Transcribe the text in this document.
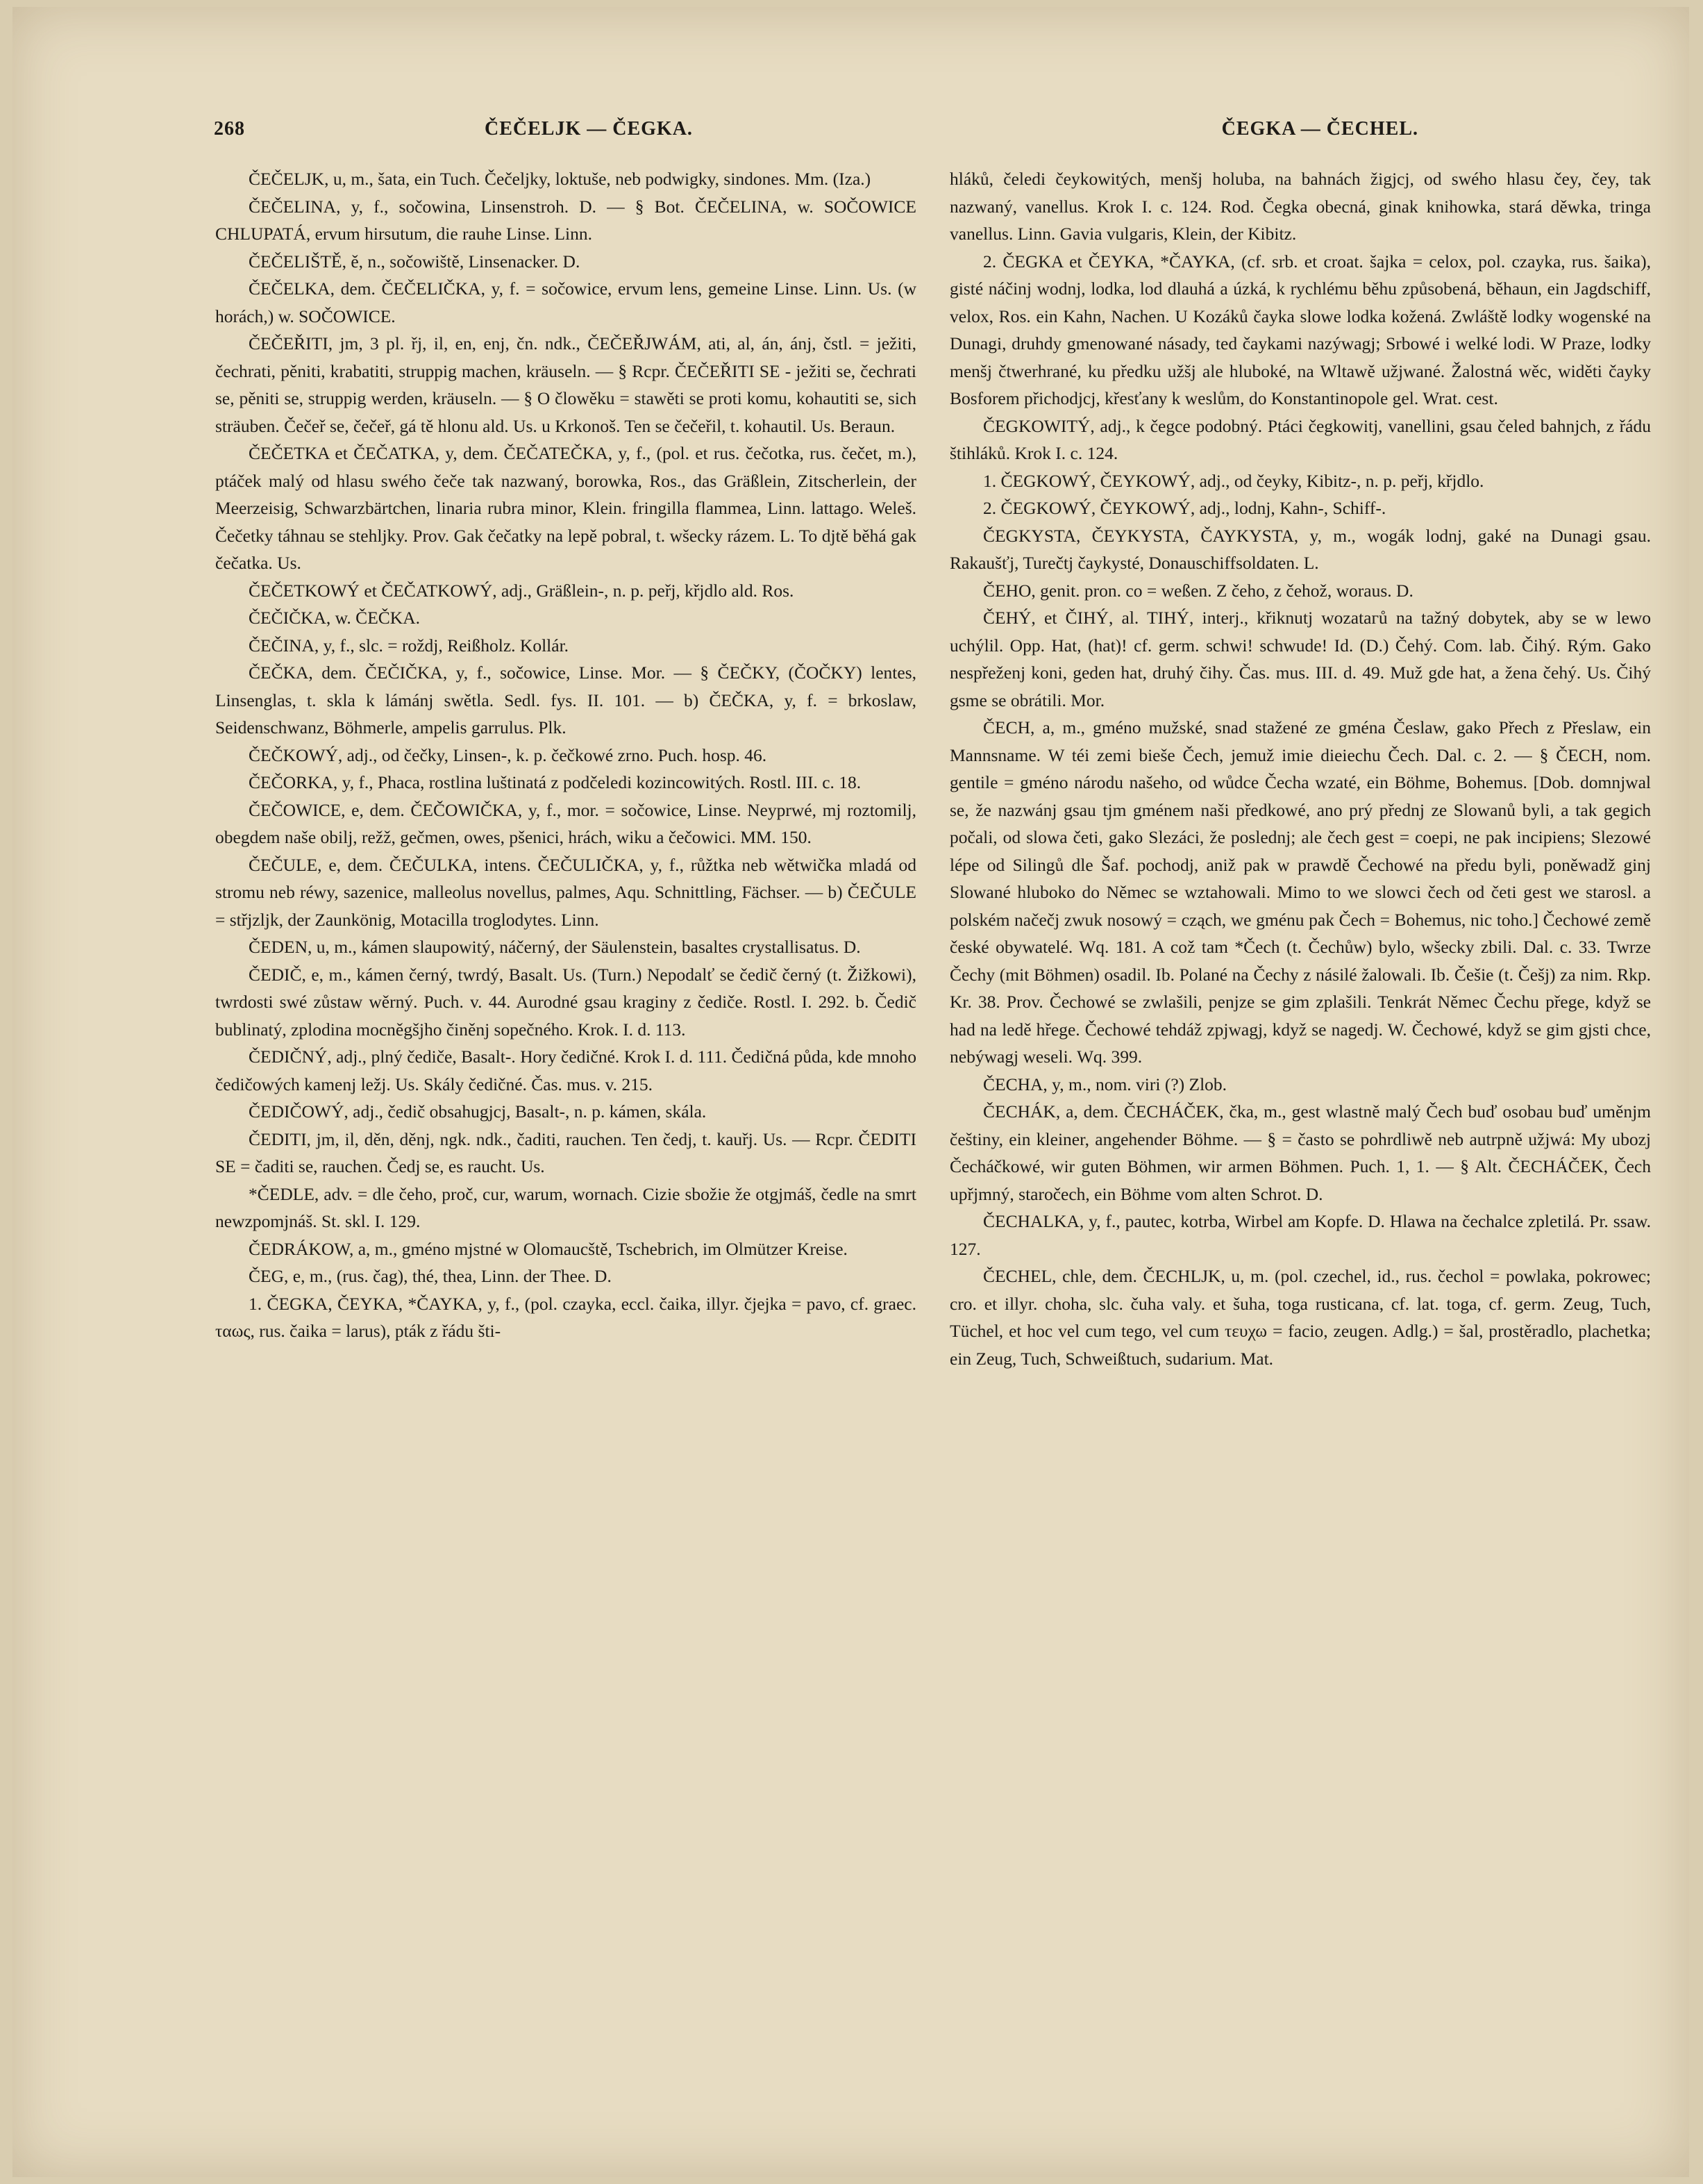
268	ČEČELJK — ČEGKA.	ČEGKA — ČECHEL.

ČEČELJK, u, m., šata, ein Tuch. Čečeljky, loktuše, neb podwigky, sindones. Mm. (Iza.)

ČEČELINA, y, f., sočowina, Linsenstroh. D. — § Bot. ČEČELINA, w. SOČOWICE CHLUPATÁ, ervum hirsutum, die rauhe Linse. Linn.

ČEČELIŠTĚ, ě, n., sočowiště, Linsenacker. D.

ČEČELKA, dem. ČEČELIČKA, y, f. = sočowice, ervum lens, gemeine Linse. Linn. Us. (w horách,) w. SOČOWICE.

ČEČEŘITI, jm, 3 pl. řj, il, en, enj, čn. ndk., ČEČEŘJWÁM, ati, al, án, ánj, čstl. = ježiti, čechrati, pěniti, krabatiti, struppig machen, kräuseln. — § Rcpr. ČEČEŘITI SE - ježiti se, čechrati se, pěniti se, struppig werden, kräuseln. — § O člowěku = stawěti se proti komu, kohautiti se, sich sträuben. Čečeř se, čečeř, gá tě hlonu ald. Us. u Krkonoš. Ten se čečeřil, t. kohautil. Us. Beraun.

ČEČETKA et ČEČATKA, y, dem. ČEČATEČKA, y, f., (pol. et rus. čečotka, rus. čečet, m.), ptáček malý od hlasu swého čeče tak nazwaný, borowka, Ros., das Gräßlein, Zitscherlein, der Meerzeisig, Schwarzbärtchen, linaria rubra minor, Klein. fringilla flammea, Linn. lattago. Weleš. Čečetky táhnau se stehljky. Prov. Gak čečatky na lepě pobral, t. wšecky rázem. L. To djtě běhá gak čečatka. Us.

ČEČETKOWÝ et ČEČATKOWÝ, adj., Gräßlein-, n. p. peřj, křjdlo ald. Ros.

ČEČIČKA, w. ČEČKA.

ČEČINA, y, f., slc. = roždj, Reißholz. Kollár.

ČEČKA, dem. ČEČIČKA, y, f., sočowice, Linse. Mor. — § ČEČKY, (ČOČKY) lentes, Linsenglas, t. skla k lámánj swětla. Sedl. fys. II. 101. — b) ČEČKA, y, f. = brkoslaw, Seidenschwanz, Böhmerle, ampelis garrulus. Plk.

ČEČKOWÝ, adj., od čečky, Linsen-, k. p. čečkowé zrno. Puch. hosp. 46.

ČEČORKA, y, f., Phaca, rostlina luštinatá z podčeledi kozincowitých. Rostl. III. c. 18.

ČEČOWICE, e, dem. ČEČOWIČKA, y, f., mor. = sočowice, Linse. Neyprwé, mj roztomilj, obegdem naše obilj, režž, gečmen, owes, pšenici, hrách, wiku a čečowici. MM. 150.

ČEČULE, e, dem. ČEČULKA, intens. ČEČULIČKA, y, f., růžtka neb wětwička mladá od stromu neb réwy, sazenice, malleolus novellus, palmes, Aqu. Schnittling, Fächser. — b) ČEČULE = střjzljk, der Zaunkönig, Motacilla troglodytes. Linn.

ČEDEN, u, m., kámen slaupowitý, náčerný, der Säulenstein, basaltes crystallisatus. D.

ČEDIČ, e, m., kámen černý, twrdý, Basalt. Us. (Turn.) Nepodalť se čedič černý (t. Žižkowi), twrdosti swé zůstaw wěrný. Puch. v. 44. Aurodné gsau kraginy z čediče. Rostl. I. 292. b. Čedič bublinatý, zplodina mocněgšjho činěnj sopečného. Krok. I. d. 113.

ČEDIČNÝ, adj., plný čediče, Basalt-. Hory čedičné. Krok I. d. 111. Čedičná půda, kde mnoho čedičowých kamenj ležj. Us. Skály čedičné. Čas. mus. v. 215.

ČEDIČOWÝ, adj., čedič obsahugjcj, Basalt-, n. p. kámen, skála.

ČEDITI, jm, il, děn, děnj, ngk. ndk., čaditi, rauchen. Ten čedj, t. kauřj. Us. — Rcpr. ČEDITI SE = čaditi se, rauchen. Čedj se, es raucht. Us.

*ČEDLE, adv. = dle čeho, proč, cur, warum, wornach. Cizie sbožie že otgjmáš, čedle na smrt newzpomjnáš. St. skl. I. 129.

ČEDRÁKOW, a, m., gméno mjstné w Olomaucště, Tschebrich, im Olmützer Kreise.

ČEG, e, m., (rus. čag), thé, thea, Linn. der Thee. D.

1. ČEGKA, ČEYKA, *ČAYKA, y, f., (pol. czayka, eccl. čaika, illyr. čjejka = pavo, cf. graec. ταως, rus. čaika = larus), pták z řádu šti-

hláků, čeledi čeykowitých, menšj holuba, na bahnách žigjcj, od swého hlasu čey, čey, tak nazwaný, vanellus. Krok I. c. 124. Rod. Čegka obecná, ginak knihowka, stará děwka, tringa vanellus. Linn. Gavia vulgaris, Klein, der Kibitz.

2. ČEGKA et ČEYKA, *ČAYKA, (cf. srb. et croat. šajka = celox, pol. czayka, rus. šaika), gisté náčinj wodnj, lodka, lod dlauhá a úzká, k rychlému běhu způsobená, běhaun, ein Jagdschiff, velox, Ros. ein Kahn, Nachen. U Kozáků čayka slowe lodka kožená. Zwláště lodky wogenské na Dunagi, druhdy gmenowané násady, ted čaykami nazýwagj; Srbowé i welké lodi. W Praze, lodky menšj čtwerhrané, ku předku užšj ale hluboké, na Wltawě užjwané. Žalostná wěc, widěti čayky Bosforem přichodjcj, křesťany k weslům, do Konstantinopole gel. Wrat. cest.

ČEGKOWITÝ, adj., k čegce podobný. Ptáci čegkowitj, vanellini, gsau čeled bahnjch, z řádu štihláků. Krok I. c. 124.

1. ČEGKOWÝ, ČEYKOWÝ, adj., od čeyky, Kibitz-, n. p. peřj, křjdlo.

2. ČEGKOWÝ, ČEYKOWÝ, adj., lodnj, Kahn-, Schiff-.

ČEGKYSTA, ČEYKYSTA, ČAYKYSTA, y, m., wogák lodnj, gaké na Dunagi gsau. Rakaušťj, Turečtj čaykysté, Donauschiffsoldaten. L.

ČEHO, genit. pron. co = weßen. Z čeho, z čehož, woraus. D.

ČEHÝ, et ČIHÝ, al. TIHÝ, interj., křiknutj wozataгů na tažný dobytek, aby se w lewo uchýlil. Opp. Hat, (hat)! cf. germ. schwi! schwude! Id. (D.) Čehý. Com. lab. Čihý. Rým. Gako nespřeženj koni, geden hat, druhý čihy. Čas. mus. III. d. 49. Muž gde hat, a žena čehý. Us. Čihý gsme se obrátili. Mor.

ČECH, a, m., gméno mužské, snad stažené ze gména Česlaw, gako Přech z Přeslaw, ein Mannsname. W téi zemi bieše Čech, jemuž imie dieiechu Čech. Dal. c. 2. — § ČECH, nom. gentile = gméno národu našeho, od wůdce Čecha wzaté, ein Böhme, Bohemus. [Dob. domnjwal se, že nazwánj gsau tjm gménem naši předkowé, ano prý přednj ze Slowanů byli, a tak gegich počali, od slowa četi, gako Slezáci, že poslednj; ale čech gest = coepi, ne pak incipiens; Slezowé lépe od Silingů dle Šaf. pochodj, aniž pak w prawdě Čechowé na předu byli, poněwadž ginj Slowané hluboko do Němec se wztahowali. Mimo to we slowci čech od četi gest we starosl. a polském načečj zwuk nosowý = cząch, we gménu pak Čech = Bohemus, nic toho.] Čechowé země české obywatelé. Wq. 181. A což tam *Čech (t. Čechůw) bylo, wšecky zbili. Dal. c. 33. Twrze Čechy (mit Böhmen) osadil. Ib. Polané na Čechy z násilé žalowali. Ib. Češie (t. Češj) za nim. Rkp. Kr. 38. Prov. Čechowé se zwlašili, penjze se gim zplašili. Tenkrát Němec Čechu přege, když se had na ledě hřege. Čechowé tehdáž zpjwagj, když se nagedj. W. Čechowé, když se gim gjsti chce, nebýwagj weseli. Wq. 399.

ČECHA, y, m., nom. viri (?) Zlob.

ČECHÁK, a, dem. ČECHÁČEK, čka, m., gest wlastně malý Čech buď osobau buď uměnjm češtiny, ein kleiner, angehender Böhme. — § = často se pohrdliwě neb autrpně užjwá: My ubozj Čecháčkowé, wir guten Böhmen, wir armen Böhmen. Puch. 1, 1. — § Alt. ČECHÁČEK, Čech upřjmný, staročech, ein Böhme vom alten Schrot. D.

ČECHALKA, y, f., pautec, kotrba, Wirbel am Kopfe. D. Hlawa na čechalce zpletilá. Pr. ssaw. 127.

ČECHEL, chle, dem. ČECHLJK, u, m. (pol. czechel, id., rus. čechol = powlaka, pokrowec; cro. et illyr. choha, slc. čuha valy. et šuha, toga rusticana, cf. lat. toga, cf. germ. Zeug, Tuch, Tüchel, et hoc vel cum tego, vel cum τευχω = facio, zeugen. Adlg.) = šal, prostěradlo, plachetka; ein Zeug, Tuch, Schweißtuch, sudarium. Mat.
